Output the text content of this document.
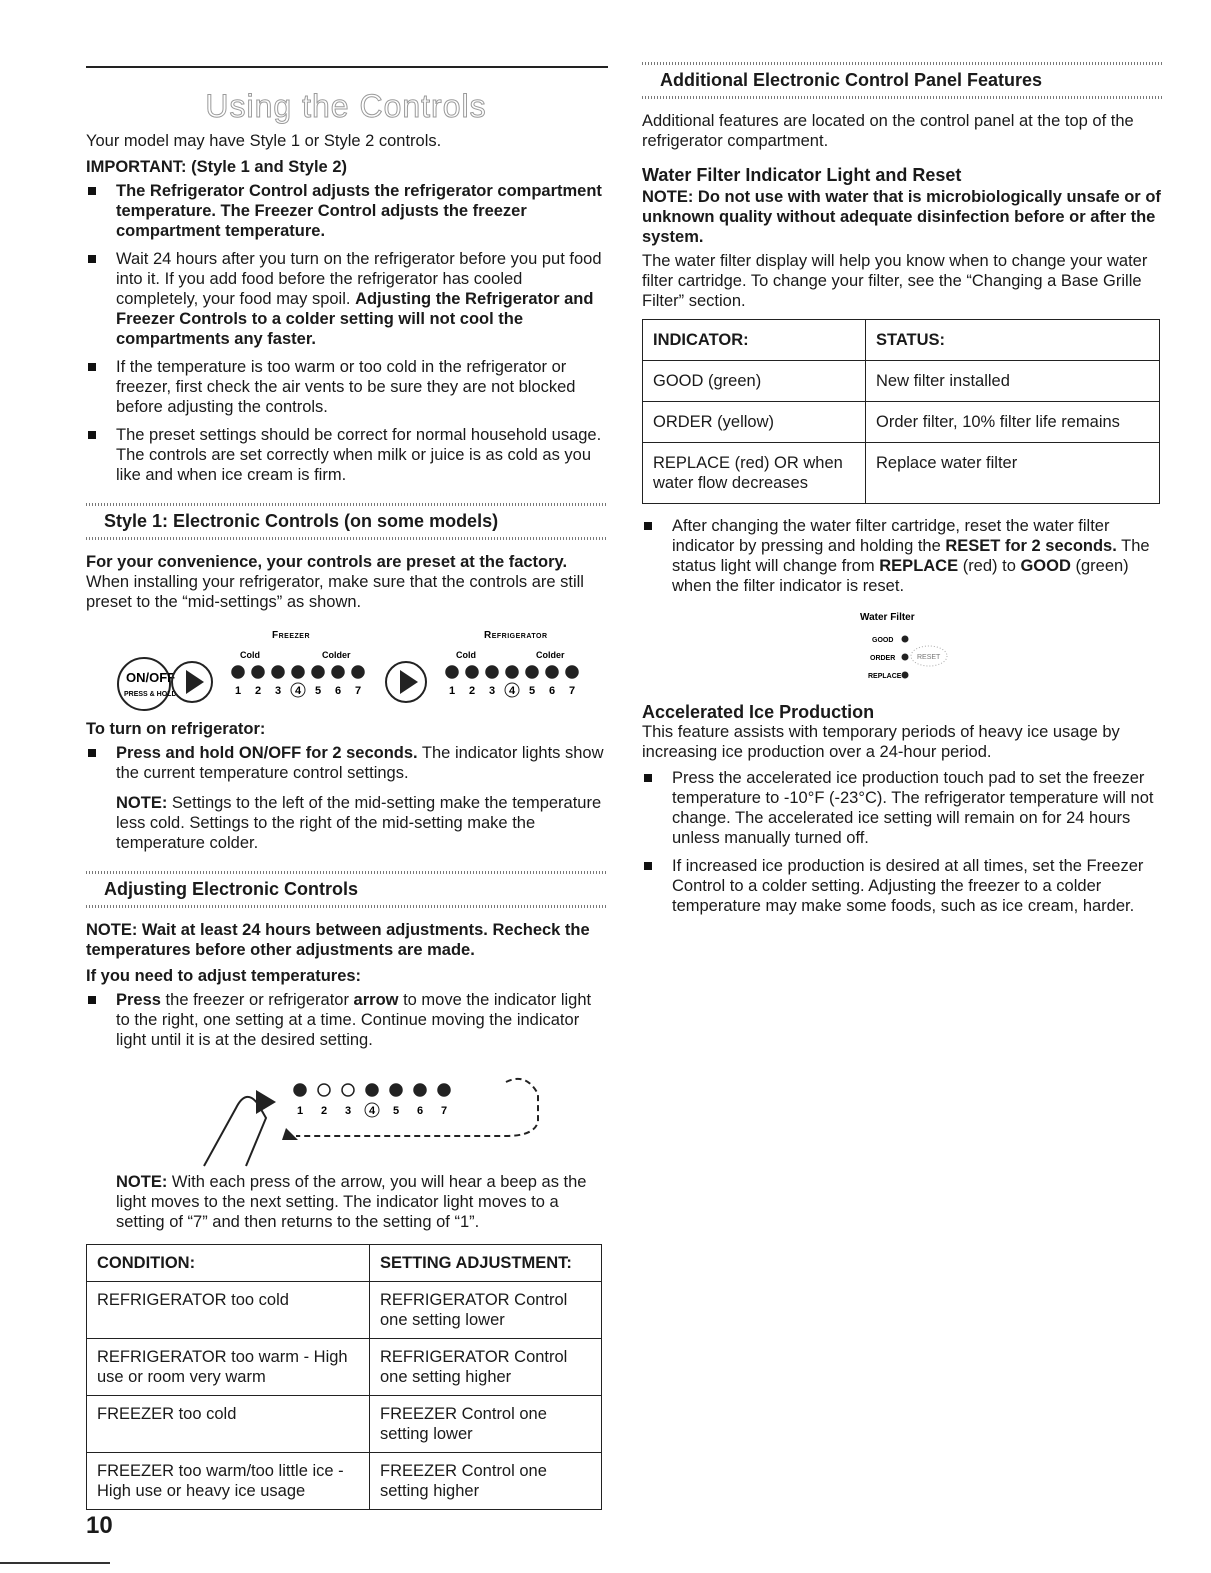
Using the Controls

Your model may have Style 1 or Style 2 controls.

IMPORTANT: (Style 1 and Style 2)

The Refrigerator Control adjusts the refrigerator compartment temperature. The Freezer Control adjusts the freezer compartment temperature.
Wait 24 hours after you turn on the refrigerator before you put food into it. If you add food before the refrigerator has cooled completely, your food may spoil. Adjusting the Refrigerator and Freezer Controls to a colder setting will not cool the compartments any faster.
If the temperature is too warm or too cold in the refrigerator or freezer, first check the air vents to be sure they are not blocked before adjusting the controls.
The preset settings should be correct for normal household usage. The controls are set correctly when milk or juice is as cold as you like and when ice cream is firm.
Style 1: Electronic Controls (on some models)

For your convenience, your controls are preset at the factory.

When installing your refrigerator, make sure that the controls are still preset to the “mid-settings” as shown.

Freezer	Refrigerator
ON/OFF
PRESS & HOLD
Cold	Colder
1 2 3 4 5 6 7
Cold	Colder
1 2 3 4 5 6 7

To turn on refrigerator:

Press and hold ON/OFF for 2 seconds. The indicator lights show the current temperature control settings.

NOTE: Settings to the left of the mid-setting make the temperature less cold. Settings to the right of the mid-setting make the temperature colder.

Adjusting Electronic Controls

NOTE: Wait at least 24 hours between adjustments. Recheck the temperatures before other adjustments are made.

If you need to adjust temperatures:

Press the freezer or refrigerator arrow to move the indicator light to the right, one setting at a time. Continue moving the indicator light until it is at the desired setting.
1 2 3 4 5 6 7

NOTE: With each press of the arrow, you will hear a beep as the light moves to the next setting. The indicator light moves to a setting of “7” and then returns to the setting of “1”.

CONDITION:	SETTING ADJUSTMENT:
REFRIGERATOR too cold	REFRIGERATOR Control one setting lower
REFRIGERATOR too warm - High use or room very warm	REFRIGERATOR Control one setting higher
FREEZER too cold	FREEZER Control one setting lower
FREEZER too warm/too little ice - High use or heavy ice usage	FREEZER Control one setting higher
10
Additional Electronic Control Panel Features

Additional features are located on the control panel at the top of the refrigerator compartment.

Water Filter Indicator Light and Reset

NOTE: Do not use with water that is microbiologically unsafe or of unknown quality without adequate disinfection before or after the system.

The water filter display will help you know when to change your water filter cartridge. To change your filter, see the “Changing a Base Grille Filter” section.

INDICATOR:	STATUS:
GOOD (green)	New filter installed
ORDER (yellow)	Order filter, 10% filter life remains
REPLACE (red) OR when water flow decreases	Replace water filter
After changing the water filter cartridge, reset the water filter indicator by pressing and holding the RESET for 2 seconds. The status light will change from REPLACE (red) to GOOD (green) when the filter indicator is reset.
Water Filter
GOOD
ORDER	RESET
REPLACE

Accelerated Ice Production

This feature assists with temporary periods of heavy ice usage by increasing ice production over a 24-hour period.

Press the accelerated ice production touch pad to set the freezer temperature to -10°F (-23°C). The refrigerator temperature will not change. The accelerated ice setting will remain on for 24 hours unless manually turned off.
If increased ice production is desired at all times, set the Freezer Control to a colder setting. Adjusting the freezer to a colder temperature may make some foods, such as ice cream, harder.
